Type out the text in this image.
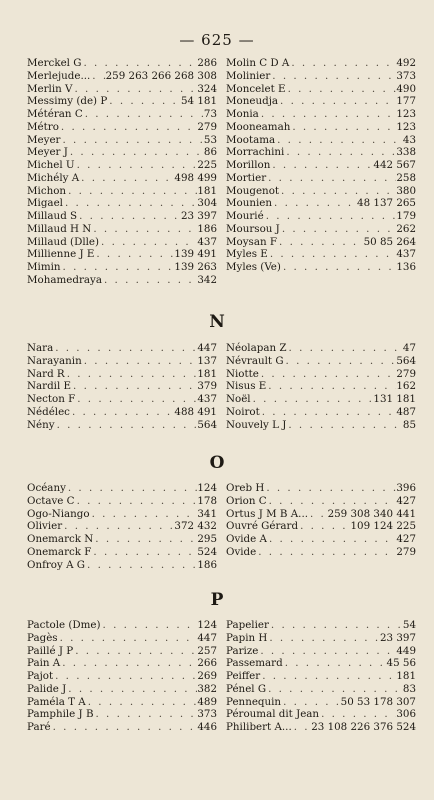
— 625 —
Merckel G . . .	286
Merlejude... . . . 259 263 266 268 308
Merlin V . . .	324
Messimy (de) P . . .	54 181
Météran C . . .	73
Métro . . .	279
Meyer . . .	53
Meyer J . . .	86
Michel U . . .	225
Michély A . . .	498 499
Michon . . .	181
Migael . . .	304
Millaud S . . .	23 397
Millaud H N . . .	186
Millaud (Dlle) . . .	437
Millienne J E . . .	139 491
Mimin . . .	139 263
Mohamedraya . . .	342
Molin C D A . . .	492
Molinier . . .	373
Moncelet E . . .	490
Moneudja . . .	177
Monia . . .	123
Mooneamah . . .	123
Mootama . . .	43
Morrachini . . .	338
Morillon . . .	442 567
Mortier . . .	258
Mougenot . . .	380
Mounien . . .	48 137 265
Mourié . . .	179
Moursou J . . .	262
Moysan F . . .	50 85 264
Myles E . . .	437
Myles (Ve) . . .	136
N
Nara . . .	447
Narayanin . . .	137
Nard R . . .	181
Nardil E . . .	379
Necton F . . .	437
Nédélec . . .	488 491
Nény . . .	564
Néolapan Z . . .	47
Névrault G . . .	564
Niotte . . .	279
Nisus E . . .	162
Noël . . .	131 181
Noirot . . .	487
Nouvely L J . . .	85
O
Océany . . .	124
Octave C . . .	178
Ogo-Niango . . .	341
Olivier . . .	372 432
Onemarck N . . .	295
Onemarck F . . .	524
Onfroy A G . . .	186
Oreb H . . .	396
Orion C . . .	427
Ortus J M B A... . . . 259 308 340 441
Ouvré Gérard . . .	109 124 225
Ovide A . . .	427
Ovide . . .	279
P
Pactole (Dme) . . .	124
Pagès . . .	447
Paillé J P . . .	257
Pain A . . .	266
Pajot . . .	269
Palide J . . .	382
Paméla T A . . .	489
Pamphile J B . . .	373
Paré . . .	446
Papelier . . .	54
Papin H . . .	23 397
Parize . . .	449
Passemard . . .	45 56
Peiffer . . .	181
Pénel G . . .	83
Pennequin . . .	50 53 178 307
Péroumal dit Jean . . .	306
Philibert A... . . . 23 108 226 376 524
